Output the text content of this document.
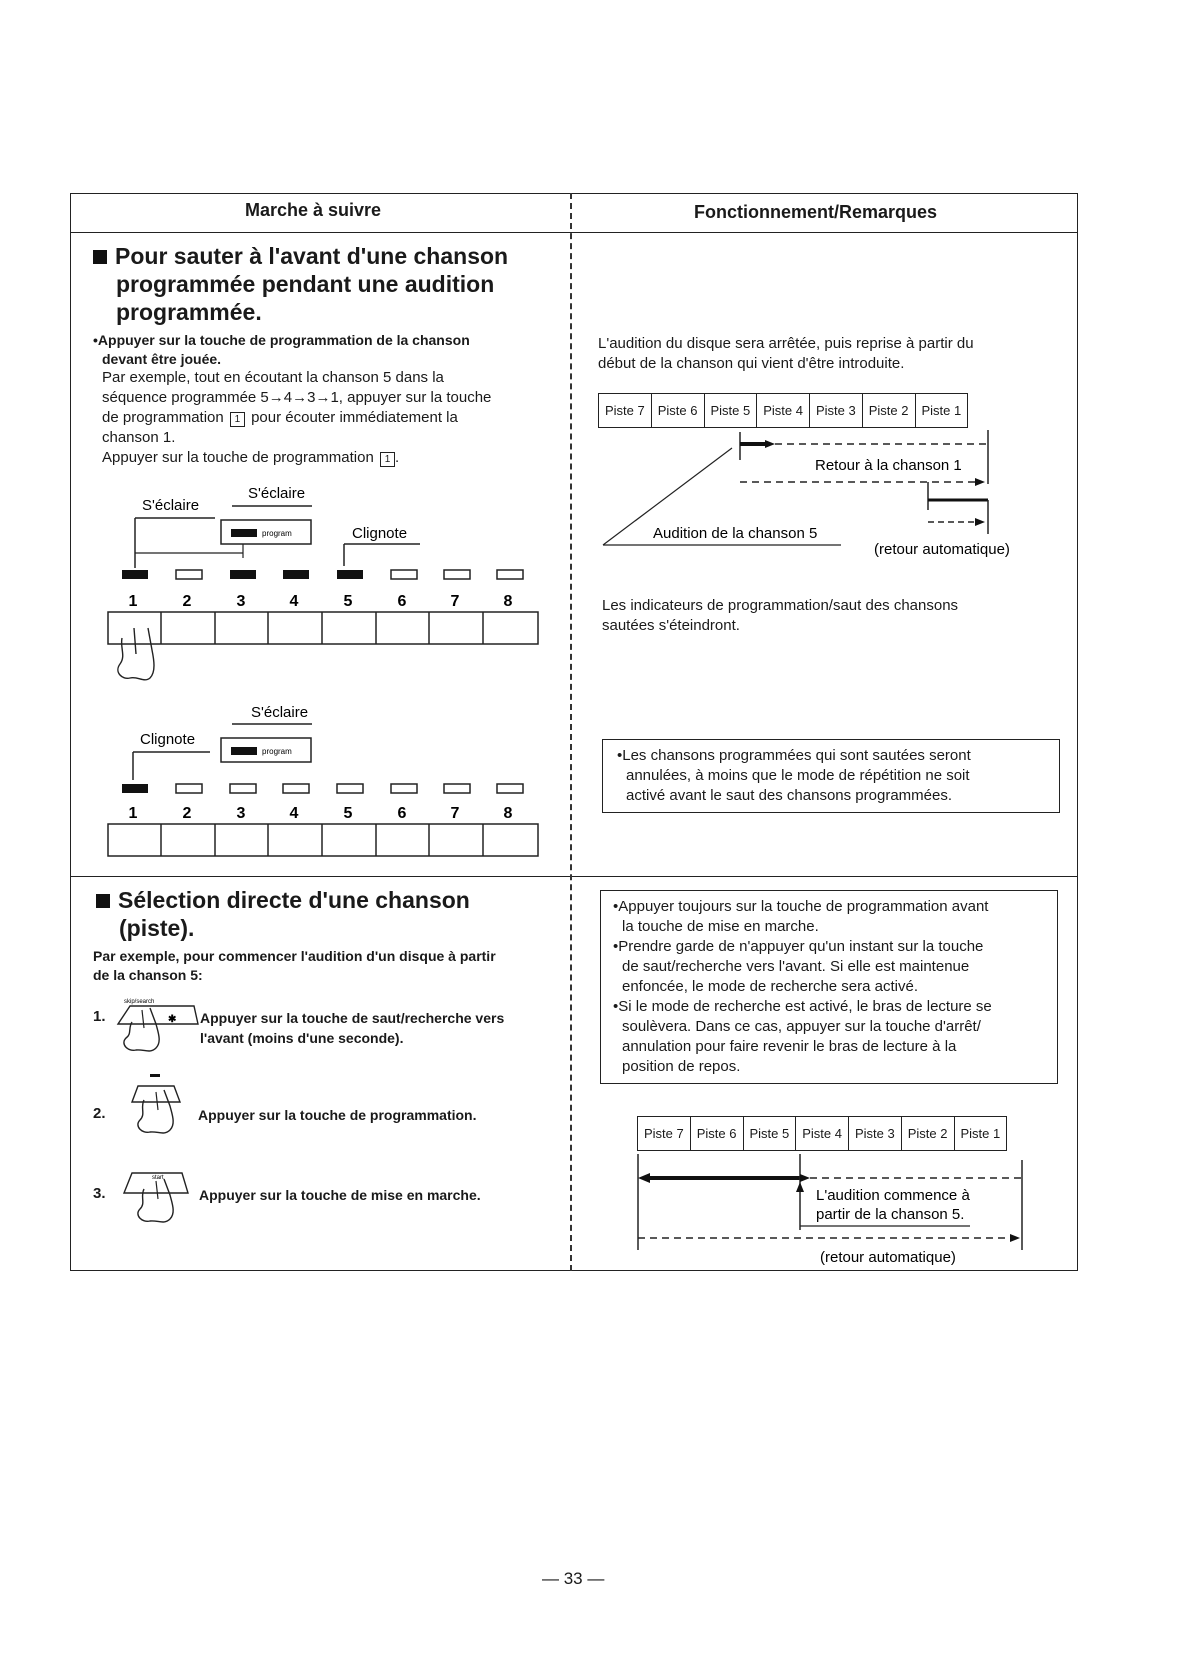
Marche à suivre	Fonctionnement/Remarques
Pour sauter à l'avant d'une chanson
programmée pendant une audition
programmée.
•Appuyer sur la touche de programmation de la chanson
devant être jouée.
Par exemple, tout en écoutant la chanson 5 dans la
séquence programmée 5→4→3→1, appuyer sur la touche
de programmation 1 pour écouter immédiatement la
chanson 1.
Appuyer sur la touche de programmation 1 .
S'éclaire
S'éclaire
Clignote
program
1	2	3	4	5	6	7	8
S'éclaire
Clignote
program
1	2	3	4	5	6	7	8
L'audition du disque sera arrêtée, puis reprise à partir du
début de la chanson qui vient d'être introduite.
Piste 7	Piste 6	Piste 5	Piste 4	Piste 3	Piste 2	Piste 1
Retour à la chanson 1
Audition de la chanson 5
(retour automatique)
Les indicateurs de programmation/saut des chansons
sautées s'éteindront.

•Les chansons programmées qui sont sautées seront

annulées, à moins que le mode de répétition ne soit

activé avant le saut des chansons programmées.

Sélection directe d'une chanson
(piste).
Par exemple, pour commencer l'audition d'un disque à partir
de la chanson 5:
1.
skip/search
✱ Appuyer sur la touche de saut/recherche vers
l'avant (moins d'une seconde).
2.	Appuyer sur la touche de programmation.
3.
start
Appuyer sur la touche de mise en marche.

•Appuyer toujours sur la touche de programmation avant

la touche de mise en marche.

•Prendre garde de n'appuyer qu'un instant sur la touche

de saut/recherche vers l'avant. Si elle est maintenue

enfoncée, le mode de recherche sera activé.

•Si le mode de recherche est activé, le bras de lecture se

soulèvera. Dans ce cas, appuyer sur la touche d'arrêt/

annulation pour faire revenir le bras de lecture à la

position de repos.

Piste 7	Piste 6	Piste 5	Piste 4	Piste 3	Piste 2	Piste 1
L'audition commence à
partir de la chanson 5.
(retour automatique)
— 33 —
